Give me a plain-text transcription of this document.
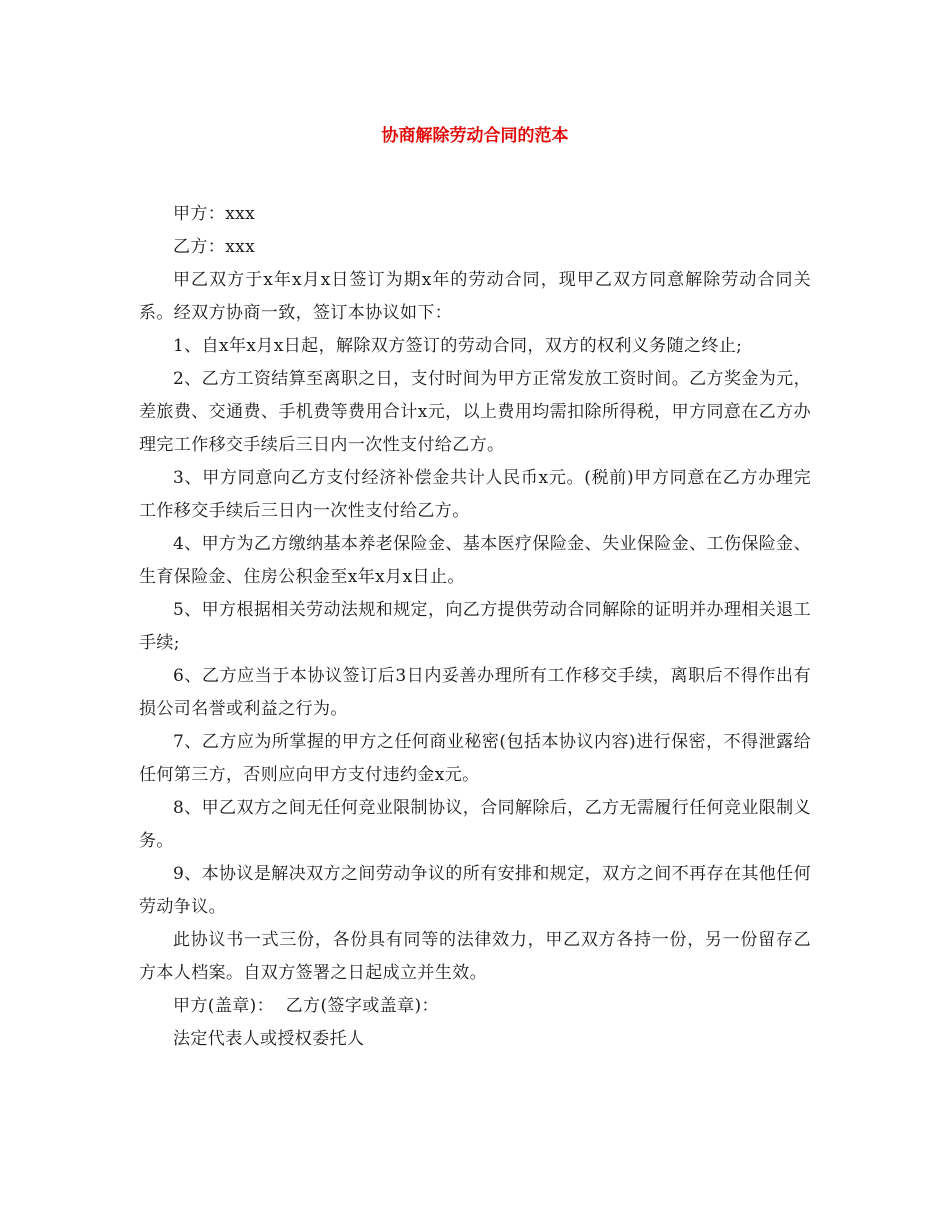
协商解除劳动合同的范本

甲方：xxx

乙方：xxx

甲乙双方于x年x月x日签订为期x年的劳动合同，现甲乙双方同意解除劳动合同关系。经双方协商一致，签订本协议如下：

1、自x年x月x日起，解除双方签订的劳动合同，双方的权利义务随之终止;

2、乙方工资结算至离职之日，支付时间为甲方正常发放工资时间。乙方奖金为元，差旅费、交通费、手机费等费用合计x元，以上费用均需扣除所得税，甲方同意在乙方办理完工作移交手续后三日内一次性支付给乙方。

3、甲方同意向乙方支付经济补偿金共计人民币x元。(税前)甲方同意在乙方办理完工作移交手续后三日内一次性支付给乙方。

4、甲方为乙方缴纳基本养老保险金、基本医疗保险金、失业保险金、工伤保险金、生育保险金、住房公积金至x年x月x日止。

5、甲方根据相关劳动法规和规定，向乙方提供劳动合同解除的证明并办理相关退工手续;

6、乙方应当于本协议签订后3日内妥善办理所有工作移交手续，离职后不得作出有损公司名誉或利益之行为。

7、乙方应为所掌握的甲方之任何商业秘密(包括本协议内容)进行保密，不得泄露给任何第三方，否则应向甲方支付违约金x元。

8、甲乙双方之间无任何竞业限制协议，合同解除后，乙方无需履行任何竞业限制义务。

9、本协议是解决双方之间劳动争议的所有安排和规定，双方之间不再存在其他任何劳动争议。

此协议书一式三份，各份具有同等的法律效力，甲乙双方各持一份，另一份留存乙方本人档案。自双方签署之日起成立并生效。

甲方(盖章)：  乙方(签字或盖章)：

法定代表人或授权委托人
